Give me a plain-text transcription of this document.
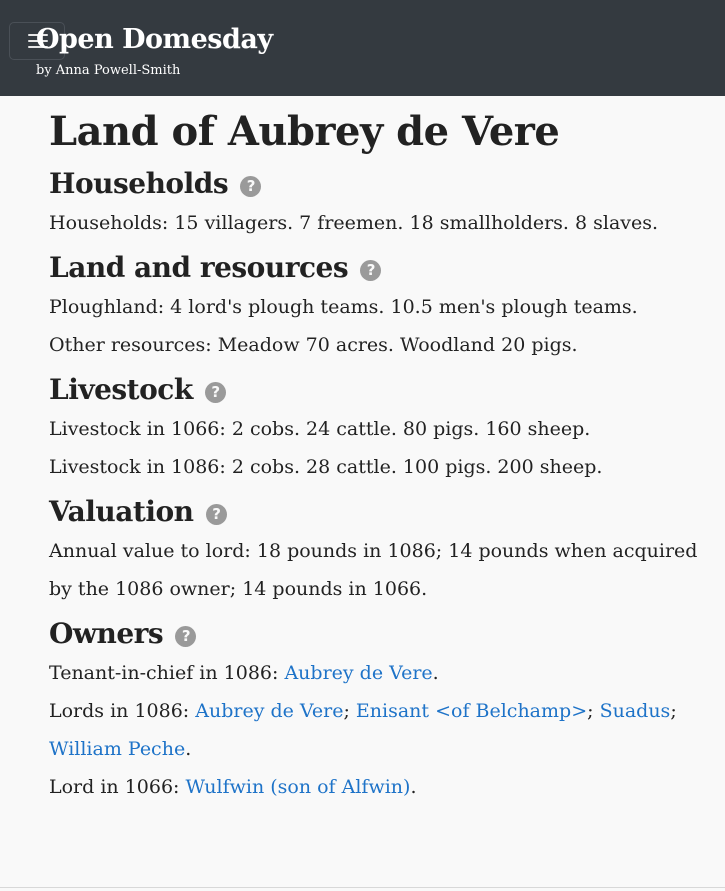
Open Domesday
by Anna Powell-Smith
Land of Aubrey de Vere
Households ?

Households: 15 villagers. 7 freemen. 18 smallholders. 8 slaves.

Land and resources ?

Ploughland: 4 lord's plough teams. 10.5 men's plough teams.

Other resources: Meadow 70 acres. Woodland 20 pigs.

Livestock ?

Livestock in 1066: 2 cobs. 24 cattle. 80 pigs. 160 sheep.

Livestock in 1086: 2 cobs. 28 cattle. 100 pigs. 200 sheep.

Valuation ?

Annual value to lord: 18 pounds in 1086; 14 pounds when acquired

by the 1086 owner; 14 pounds in 1066.

Owners ?

Tenant-in-chief in 1086: Aubrey de Vere.

Lords in 1086: Aubrey de Vere; Enisant <of Belchamp>; Suadus;

William Peche.

Lord in 1066: Wulfwin (son of Alfwin).
